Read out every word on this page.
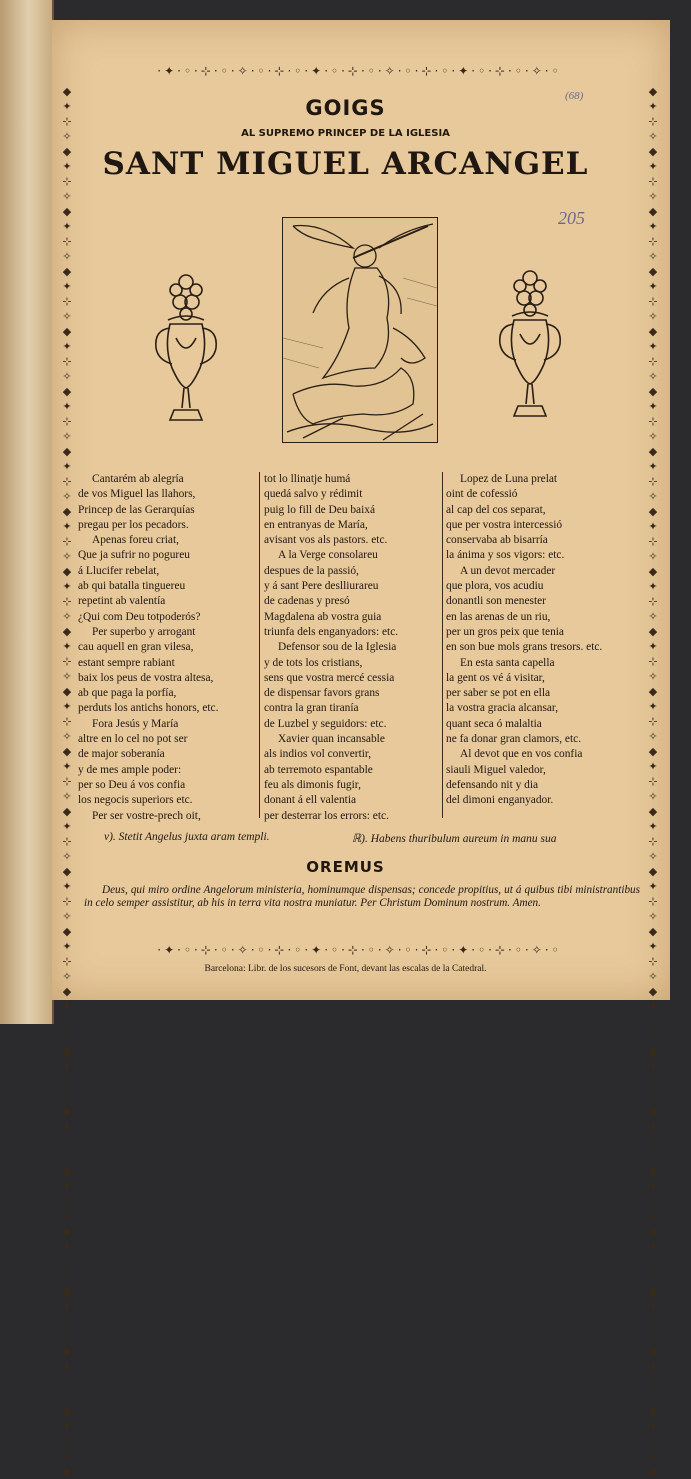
·✦·◦·⊹·◦·✧·◦·⊹·◦·✦·◦·⊹·◦·✧·◦·⊹·◦·✦·◦·⊹·◦·✧·◦
·✦·◦·⊹·◦·✧·◦·⊹·◦·✦·◦·⊹·◦·✧·◦·⊹·◦·✦·◦·⊹·◦·✧·◦
◆✦⊹✧◆✦⊹✧◆✦⊹✧◆✦⊹✧◆✦⊹✧◆✦⊹✧◆✦⊹✧◆✦⊹✧◆✦⊹✧◆✦⊹✧◆✦⊹✧◆✦⊹✧◆✦⊹✧◆✦⊹✧◆✦⊹✧◆✦⊹✧◆✦⊹✧◆✦⊹✧◆✦⊹✧◆✦⊹✧◆✦⊹✧◆✦⊹✧◆✦⊹✧◆
◆✦⊹✧◆✦⊹✧◆✦⊹✧◆✦⊹✧◆✦⊹✧◆✦⊹✧◆✦⊹✧◆✦⊹✧◆✦⊹✧◆✦⊹✧◆✦⊹✧◆✦⊹✧◆✦⊹✧◆✦⊹✧◆✦⊹✧◆✦⊹✧◆✦⊹✧◆✦⊹✧◆✦⊹✧◆✦⊹✧◆✦⊹✧◆✦⊹✧◆✦⊹✧◆
GOIGS
AL SUPREMO PRINCEP DE LA IGLESIA
SANT MIGUEL ARCANGEL
(68)
205
Cantarém ab alegría
de vos Miguel las llahors,
Princep de las Gerarquías
pregau per los pecadors.
Apenas foreu criat,
Que ja sufrir no pogureu
á Llucifer rebelat,
ab qui batalla tinguereu
repetint ab valentía
¿Qui com Deu totpoderós?
Per superbo y arrogant
cau aquell en gran vilesa,
estant sempre rabiant
baix los peus de vostra altesa,
ab que paga la porfía,
perduts los antichs honors, etc.
Fora Jesús y María
altre en lo cel no pot ser
de major soberanía
y de mes ample poder:
per so Deu á vos confia
los negocis superiors etc.
Per ser vostre-prech oit,
tot lo llinatje humá
quedá salvo y rédimit
puig lo fill de Deu baixá
en entranyas de María,
avisant vos als pastors. etc.
A la Verge consolareu
despues de la passió,
y á sant Pere deslliurareu
de cadenas y presó
Magdalena ab vostra guia
triunfa dels enganyadors: etc.
Defensor sou de la Iglesia
y de tots los cristians,
sens que vostra mercé cessia
de dispensar favors grans
contra la gran tiranía
de Luzbel y seguidors: etc.
Xavier quan incansable
als indios vol convertir,
ab terremoto espantable
feu als dimonis fugir,
donant á ell valentia
per desterrar los errors: etc.
Lopez de Luna prelat
oint de cofessió
al cap del cos separat,
que per vostra intercessió
conservaba ab bisarría
la ánima y sos vigors: etc.
A un devot mercader
que plora, vos acudiu
donantli son menester
en las arenas de un riu,
per un gros peix que tenia
en son bue mols grans tresors. etc.
En esta santa capella
la gent os vé á visitar,
per saber se pot en ella
la vostra gracia alcansar,
quant seca ó malaltia
ne fa donar gran clamors, etc.
Al devot que en vos confia
siauli Miguel valedor,
defensando nit y dia
del dimoni enganyador.
v). Stetit Angelus juxta aram templi.	ℝ). Habens thuribulum aureum in manu sua
OREMUS
Deus, qui miro ordine Angelorum ministeria, hominumque dispensas; concede propitius, ut á quibus tibi ministrantibus in celo semper assistitur, ab his in terra vita nostra muniatur. Per Christum Dominum nostrum. Amen.
Barcelona: Libr. de los sucesors de Font, devant las escalas de la Catedral.
